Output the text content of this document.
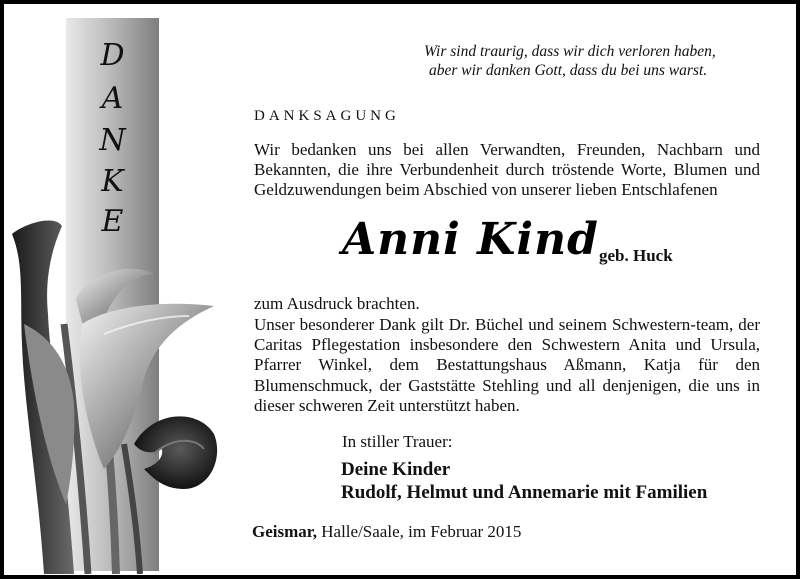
D
A
N
K
E
Wir sind traurig, dass wir dich verloren haben,
aber wir danken Gott, dass du bei uns warst.
DANKSAGUNG

Wir bedanken uns bei allen Verwandten, Freunden, Nachbarn und Bekannten, die ihre Verbundenheit durch tröstende Worte, Blumen und Geldzuwendungen beim Abschied von unserer lieben Entschlafenen

Anni Kind geb. Huck

zum Ausdruck brachten.

Unser besonderer Dank gilt Dr. Büchel und seinem Schwestern-team, der Caritas Pflegestation insbesondere den Schwestern Anita und Ursula, Pfarrer Winkel, dem Bestattungshaus Aßmann, Katja für den Blumenschmuck, der Gaststätte Stehling und all denjenigen, die uns in dieser schweren Zeit unterstützt haben.

In stiller Trauer:
Deine Kinder
Rudolf, Helmut und Annemarie mit Familien
Geismar, Halle/Saale, im Februar 2015
